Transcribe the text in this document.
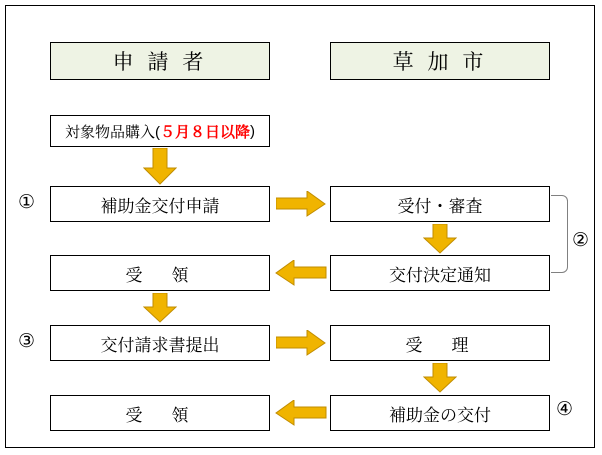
申 請 者	草 加 市
対象物品購入( ５月８日以降 )
補助金交付申請	受付・審査
受　領	交付決定通知
交付請求書提出	受　理
受　領	補助金の交付
①
②
③
④
